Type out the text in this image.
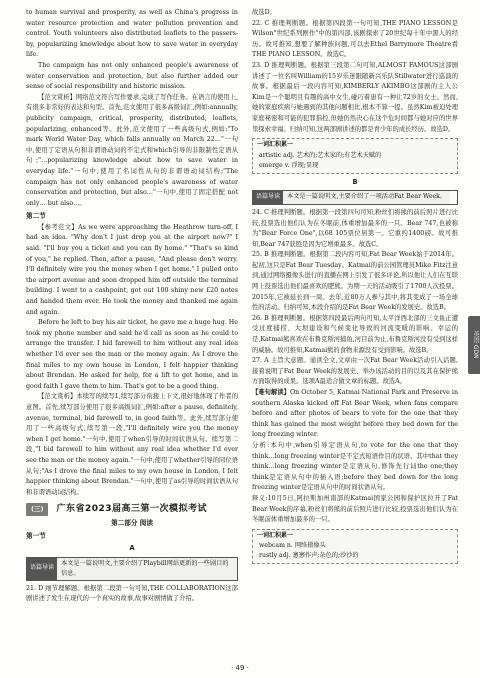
to human survival and prosperity, as well as China's progress in water resource protection and water pollution prevention and control. Youth volunteers also distributed leaflets to the passers-by, popularizing knowledge about how to save water in everyday life.

The campaign has not only enhanced people's awareness of water conservation and protection, but also further added our sense of social responsibility and historic mission.

【范文赏析】网络范文符合写作要求,完成了写作任务。在语言的使用上,有很多非常好的表达和句型。首先,范文使用了很多高级词汇,例如:annually, publicity campaign, critical, prosperity, distributed, leaflets, popularizing, enhanced等。此外,范文使用了一些高级句式,例如:"To mark World Water Day, which falls annually on March 22…"一句中,使用了定语从句和非谓语动词的不定式和which引导的非限制性定语从句;"…popularizing knowledge about how to save water in everyday life."一句中,使用了名词性从句的非谓语动词结构;"The campaign has not only enhanced people's awareness of water conservation and protection, but also…"一句中,使用了固定搭配 not only… but also…。

第二节

【参考范文】As we were approaching the Heathrow turn-off, I had an idea. "Why don't I just drop you at the airport now?" I said. "I'll buy you a ticket and you can fly home." "That's so kind of you," he replied. Then, after a pause, "And please don't worry. I'll definitely wire you the money when I get home." I pulled onto the airport avenue and soon dropped him off outside the terminal building. I went to a cashpoint, got out 100 shiny new £20 notes and handed them over. He took the money and thanked me again and again.

Before he left to buy his air ticket, he gave me a huge hug. He took my phone number and said he'd call as soon as he could to arrange the transfer. I hid farewell to him without any real idea whether I'd ever see the man or the money again. As I drove the final miles to my own house in London, I felt happier thinking about Brendan. He asked for help, for a lift to get home, and in good faith I gave them to him. That's got to be a good thing.

【范文赏析】本续写的续写1,续写部分衔接上下文,很好地体现了作者的意图。首先,续写部分使用了很多高级词汇,例如:after a pause, definitely, avenue, terminal, bid farewell to, in good faith等。此外,续写部分使用了一些高级句式,续写第一段,"I'll definitely wire you the money when I get home."一句中,使用了when引导的时间状语从句。续写第二段,"I bid farewell to him without any real idea whether I'd ever see the man or the money again."一句中,使用了whether引导的同位语从句;"As I drove the final miles to my own house in London, I felt happier thinking about Brendan."一句中,使用了as引导的时间状语从句和非谓语动词结构。

(三)	广东省2023届高三第一次模拟考试
第二部分 阅读
第一节
A
语篇导读
本文是一篇说明文,主要介绍了Playbill网站更新的一些剧目的信息。

21. D 细节理解题。根据第二段第一句可知,THE COLLABORATION这部剧讲述了发生在现代的一个真实的故事,故事对剧情做了介绍。

故选D。

22. C 推理判断题。根据第四段第一句可知,THE PIANO LESSON是Wilson"世纪系列剧作"中的第四部,该剧探索了20世纪每十年中黑人的经历。故可推知,想要了解种族问题,可以去Ethel Barrymore Theatre看THE PIANO LESSON。故选C。

23. D 推理判断题。根据第三段第二句可知,ALMOST FAMOUS这部剧讲述了一位名叫William的15岁乐迷跟随新兴乐队Stillwater进行巡演的故事。根据最后一段内容可知,KIMBERLY AKIMBO这部剧的主人公Kim是一个聪明且有趣的高中女生,碰巧着患有一种让72岁的女士。然而,她的家庭疾病与她遇到的其他问题相比,根本不算一提。虽然Kim被迫处理家庭秘密和可能的犯罪指控,但她仍然决心在这个危时间都与她对应的世界里探索幸福。归纳可知,这两部剧讲述的都是青少年的成长经历。故选D。

一词汇积累一
artistic adj. 艺术的;艺术家的;有艺术天赋的
emerge v. 浮现;显现
B
语篇导读	本文是一篇说明文,主要介绍了一项活动Fat Bear Week。

24. C 推理判断题。根据第一段第四句可知,粉丝们将熊的前后照片进行比较,投票选出他们认为在冬眠前,体重增加最多的一只。Bear 747,也被称为"Bear Force One",以68 105票位居第一。它重约1400磅。故可推知,Bear 747获胜是因为它增重最多。故选C。

25. B 推理判断题。根据第二段内容可知,Fat Bear Week始于2014年。起初,这只是Fat Bear Tuesday。Katmai的前公园管理员Mike Fitz注意到,通过网络摄像头进行的直播在网上引发了很多评论,所以他让人们在互联网上投票选出他们最喜欢的肥熊。为期一天的活动吸引了1700人次投票。2015年,它被延长到一周。去年,近80万人参与其中,将其变成了一场全球性的活动。归纳可知,本段介绍的是Fat Bear Week的发展史。故选B。

26. B 推理判断题。根据第四段最后两句可知,太平洋西北部的三文鱼正遭受过度捕捞、大坝建设和气候变化导致的河流变暖的影响。幸运的是,Katmai熊喜欢在布鲁克斯河捕鱼,河目前为止,布鲁克斯河没有受到这样的威胁。故可推知,Katmai熊的食物来源没有受到影响。故选B。

27. A 主旨大意题。通读全文,文章由一次Fat Bear Week活动引入话题,接着说明了Fat Bear Week的发展史、举办该活动的目的以及其在保护熊方面取得的成果。选项A最适合做文章的标题。故选A。

【难句解读】On October 5, Katmai National Park and Preserve in southern Alaska kicked off Fat Bear Week, when fans compare before and after photos of bears to vote for the one that they think has gained the most weight before they bed down for the long freezing winter.

分析:本句中,when引导定语从句,to vote for the one that they think…long freezing winter是不定式短语作目的状语。其中that they think…long freezing winter是定语从句,修饰先行词the one;they think是定语从句中的插入语;before they bed down for the long freezing winter是定语从句中的时间状语从句。

释义:10月5日,阿拉斯加州南部的Katmai国家公园和保护区拉开了Fat Bear Week的序幕,粉丝们将熊的前后照片进行比较,投票选出他们认为在冬眠前体重增加最多的一只。

一词汇积累一
webcam n. 网络摄像头
rustly adj. 窸窸作声;杂色的;沙沙的
英语 GDN
· 49 ·
